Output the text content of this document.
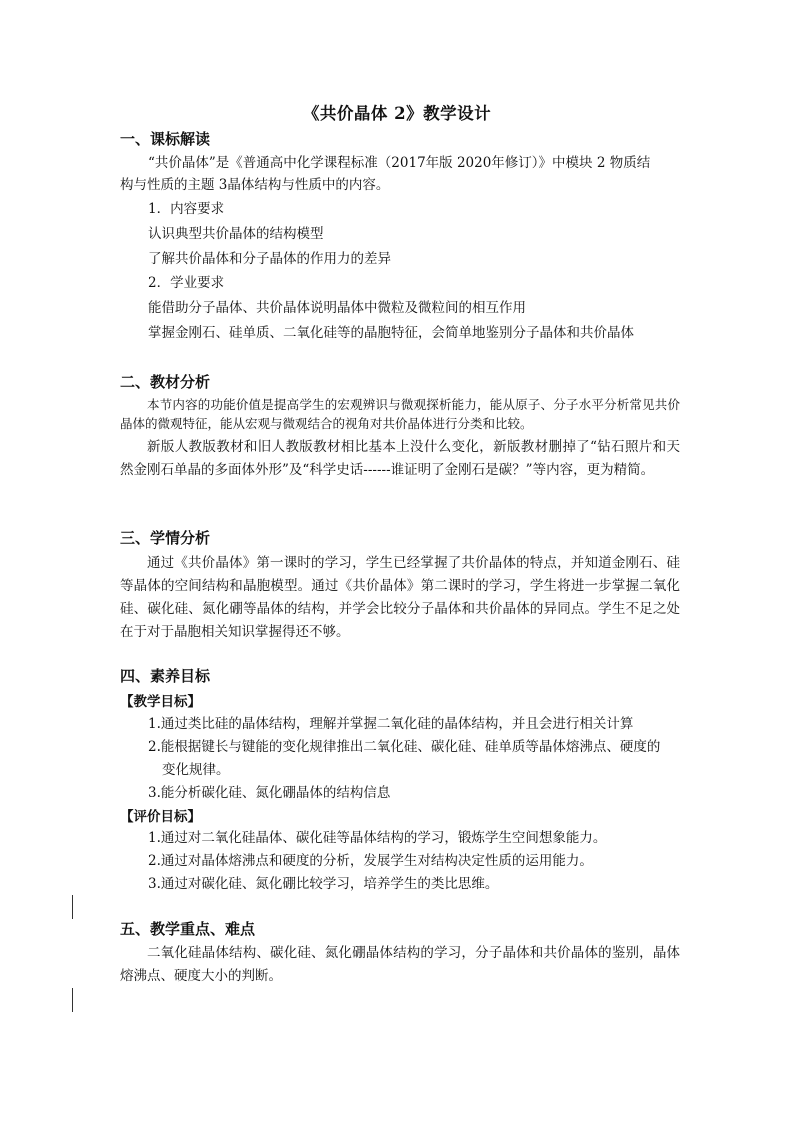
《共价晶体 2》教学设计
一、课标解读
“共价晶体”是《普通高中化学课程标准（2017年版 2020年修订）》中模块 2 物质结
构与性质的主题 3晶体结构与性质中的内容。
1．内容要求
认识典型共价晶体的结构模型
了解共价晶体和分子晶体的作用力的差异
2．学业要求
能借助分子晶体、共价晶体说明晶体中微粒及微粒间的相互作用
掌握金刚石、硅单质、二氧化硅等的晶胞特征，会简单地鉴别分子晶体和共价晶体
二、教材分析
本节内容的功能价值是提高学生的宏观辨识与微观探析能力，能从原子、分子水平分析常见共价晶体的微观特征，能从宏观与微观结合的视角对共价晶体进行分类和比较。
新版人教版教材和旧人教版教材相比基本上没什么变化，新版教材删掉了“钻石照片和天然金刚石单晶的多面体外形”及“科学史话------谁证明了金刚石是碳？”等内容，更为精简。
三、学情分析
通过《共价晶体》第一课时的学习，学生已经掌握了共价晶体的特点，并知道金刚石、硅等晶体的空间结构和晶胞模型。通过《共价晶体》第二课时的学习，学生将进一步掌握二氧化硅、碳化硅、氮化硼等晶体的结构，并学会比较分子晶体和共价晶体的异同点。学生不足之处在于对于晶胞相关知识掌握得还不够。
四、素养目标
【教学目标】
1.通过类比硅的晶体结构，理解并掌握二氧化硅的晶体结构，并且会进行相关计算
2.能根据键长与键能的变化规律推出二氧化硅、碳化硅、硅单质等晶体熔沸点、硬度的
变化规律。
3.能分析碳化硅、氮化硼晶体的结构信息
【评价目标】
1.通过对二氧化硅晶体、碳化硅等晶体结构的学习，锻炼学生空间想象能力。
2.通过对晶体熔沸点和硬度的分析，发展学生对结构决定性质的运用能力。
3.通过对碳化硅、氮化硼比较学习，培养学生的类比思维。
五、教学重点、难点
二氧化硅晶体结构、碳化硅、氮化硼晶体结构的学习，分子晶体和共价晶体的鉴别，晶体熔沸点、硬度大小的判断。
